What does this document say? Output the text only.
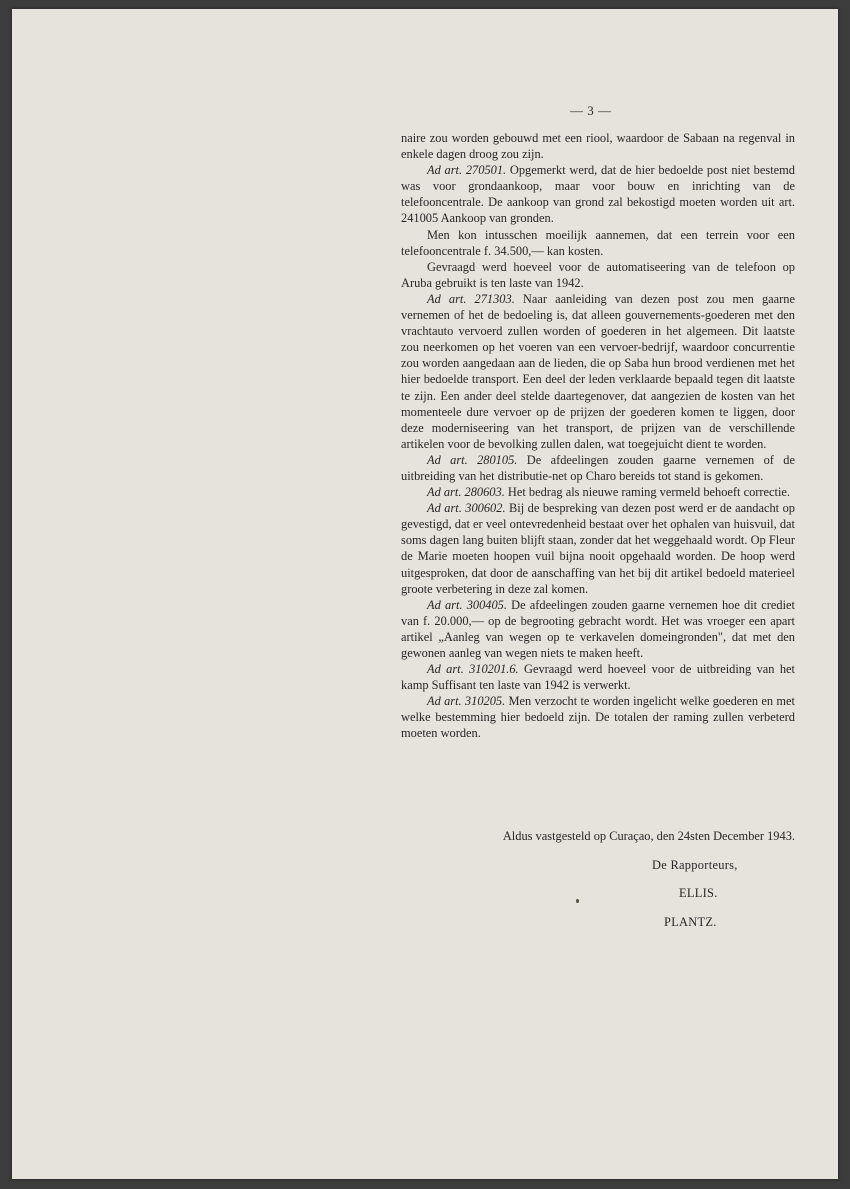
— 3 —

naire zou worden gebouwd met een riool, waardoor de Sabaan na regenval in enkele dagen droog zou zijn.

Ad art. 270501. Opgemerkt werd, dat de hier bedoelde post niet bestemd was voor grondaankoop, maar voor bouw en inrichting van de telefooncentrale. De aankoop van grond zal bekostigd moeten worden uit art. 241005 Aankoop van gronden.

Men kon intusschen moeilijk aannemen, dat een terrein voor een telefooncentrale f. 34.500,— kan kosten.

Gevraagd werd hoeveel voor de automatiseering van de telefoon op Aruba gebruikt is ten laste van 1942.

Ad art. 271303. Naar aanleiding van dezen post zou men gaarne vernemen of het de bedoeling is, dat alleen gouvernements-goederen met den vrachtauto vervoerd zullen worden of goederen in het algemeen. Dit laatste zou neerkomen op het voeren van een vervoer-bedrijf, waardoor concurrentie zou worden aangedaan aan de lieden, die op Saba hun brood verdienen met het hier bedoelde transport. Een deel der leden verklaarde bepaald tegen dit laatste te zijn. Een ander deel stelde daartegenover, dat aangezien de kosten van het momenteele dure vervoer op de prijzen der goederen komen te liggen, door deze moderniseering van het transport, de prijzen van de verschillende artikelen voor de bevolking zullen dalen, wat toegejuicht dient te worden.

Ad art. 280105. De afdeelingen zouden gaarne vernemen of de uitbreiding van het distributie-net op Charo bereids tot stand is gekomen.

Ad art. 280603. Het bedrag als nieuwe raming vermeld behoeft correctie.

Ad art. 300602. Bij de bespreking van dezen post werd er de aandacht op gevestigd, dat er veel ontevredenheid bestaat over het ophalen van huisvuil, dat soms dagen lang buiten blijft staan, zonder dat het weggehaald wordt. Op Fleur de Marie moeten hoopen vuil bijna nooit opgehaald worden. De hoop werd uitgesproken, dat door de aanschaffing van het bij dit artikel bedoeld materieel groote verbetering in deze zal komen.

Ad art. 300405. De afdeelingen zouden gaarne vernemen hoe dit crediet van f. 20.000,— op de begrooting gebracht wordt. Het was vroeger een apart artikel „Aanleg van wegen op te verkavelen domeingronden", dat met den gewonen aanleg van wegen niets te maken heeft.

Ad art. 310201.6. Gevraagd werd hoeveel voor de uitbreiding van het kamp Suffisant ten laste van 1942 is verwerkt.

Ad art. 310205. Men verzocht te worden ingelicht welke goederen en met welke bestemming hier bedoeld zijn. De totalen der raming zullen verbeterd moeten worden.

Aldus vastgesteld op Curaçao, den 24sten December 1943.
De Rapporteurs,
ELLIS.
PLANTZ.
